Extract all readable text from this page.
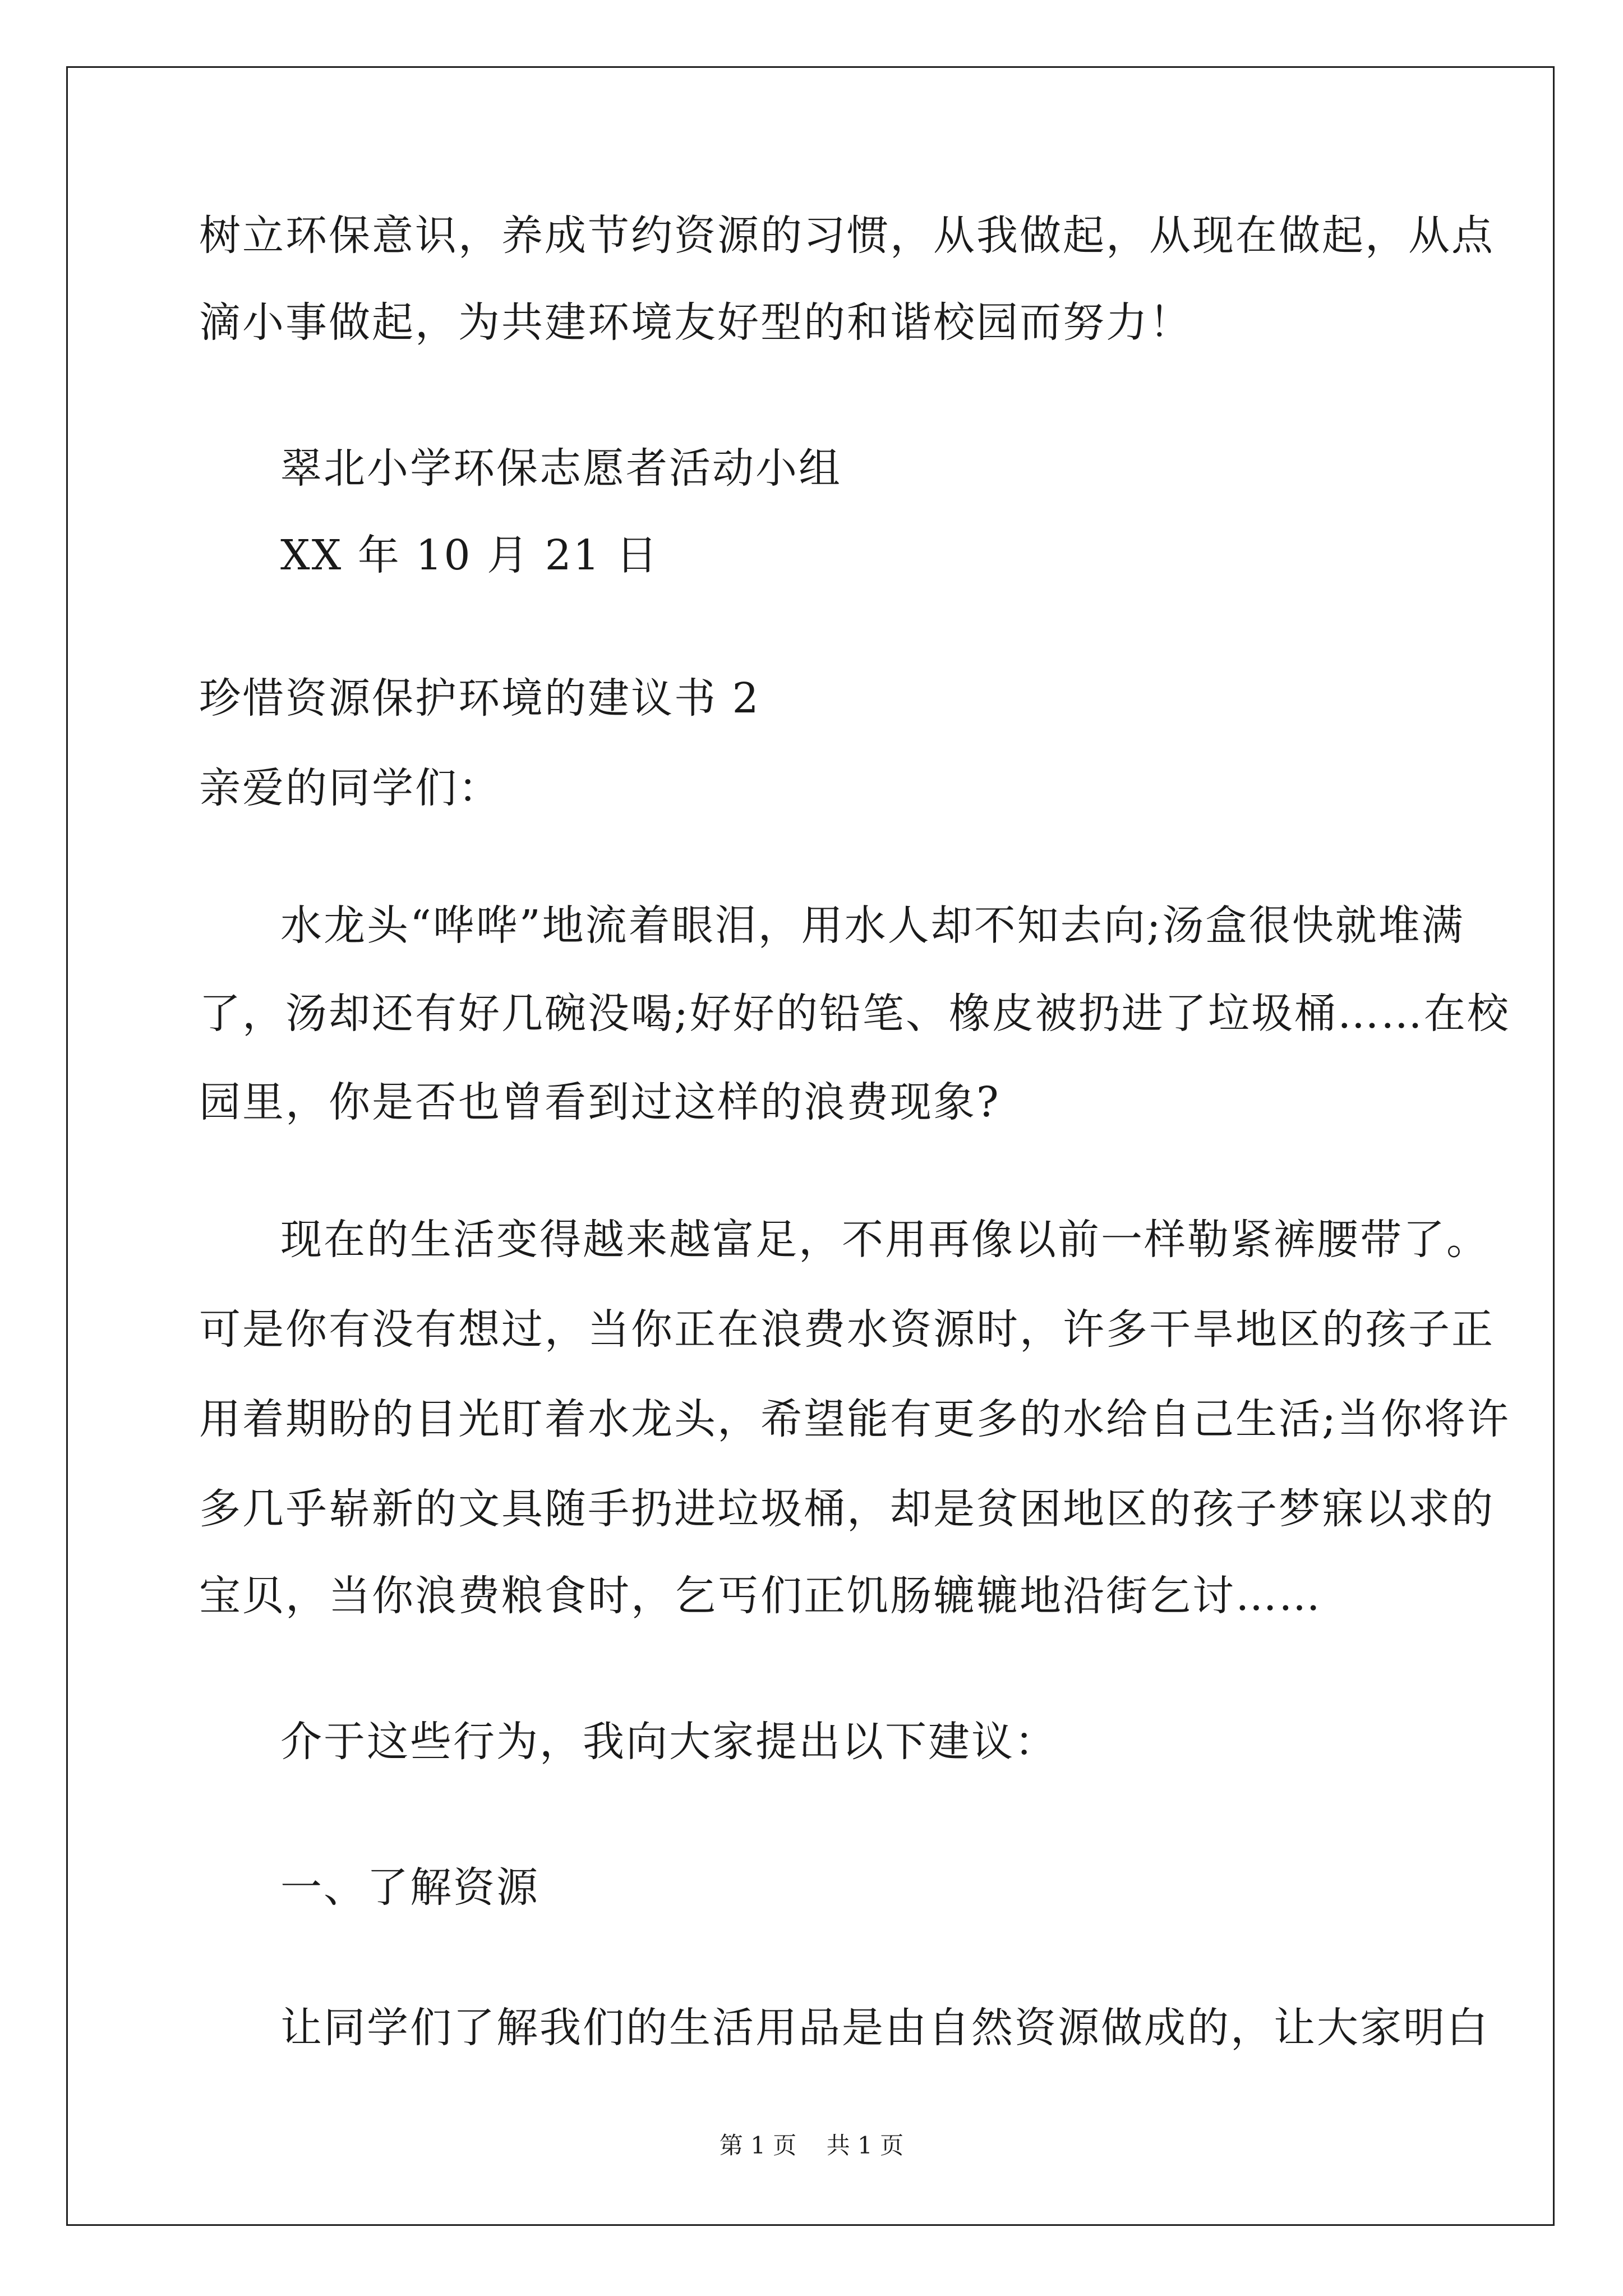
树立环保意识，养成节约资源的习惯，从我做起，从现在做起，从点
滴小事做起，为共建环境友好型的和谐校园而努力！
翠北小学环保志愿者活动小组
XX 年 10 月 21 日
珍惜资源保护环境的建议书 2
亲爱的同学们：
水龙头“哗哗”地流着眼泪，用水人却不知去向;汤盒很快就堆满
了，汤却还有好几碗没喝;好好的铅笔、橡皮被扔进了垃圾桶……在校
园里，你是否也曾看到过这样的浪费现象?
现在的生活变得越来越富足，不用再像以前一样勒紧裤腰带了。
可是你有没有想过，当你正在浪费水资源时，许多干旱地区的孩子正
用着期盼的目光盯着水龙头，希望能有更多的水给自己生活;当你将许
多几乎崭新的文具随手扔进垃圾桶，却是贫困地区的孩子梦寐以求的
宝贝，当你浪费粮食时，乞丐们正饥肠辘辘地沿街乞讨……
介于这些行为，我向大家提出以下建议：
一、了解资源
让同学们了解我们的生活用品是由自然资源做成的，让大家明白
第 1 页 共 1 页
